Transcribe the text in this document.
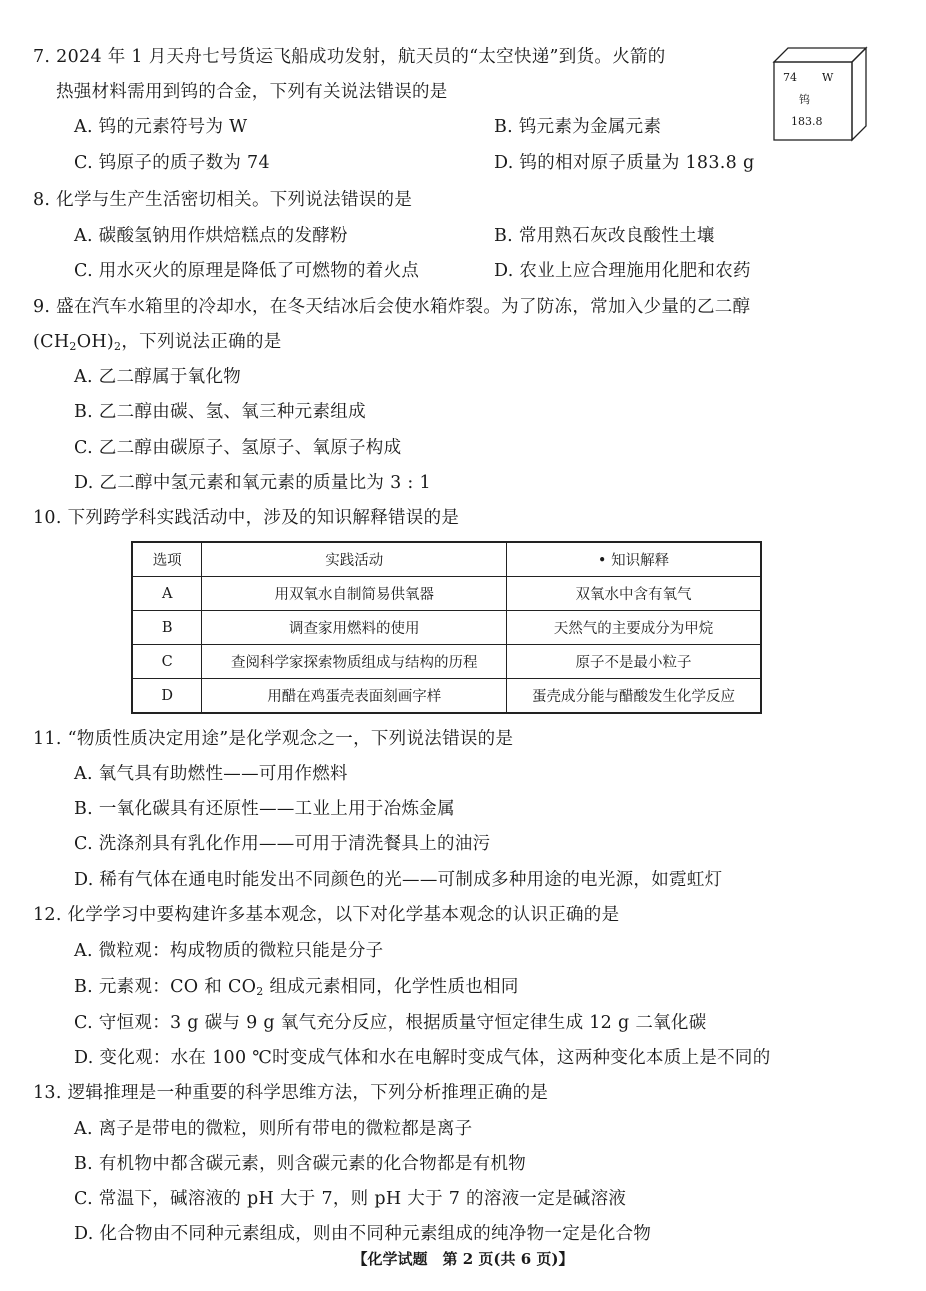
74 W
钨
183.8
7. 2024 年 1 月天舟七号货运飞船成功发射，航天员的“太空快递”到货。火箭的
热强材料需用到钨的合金，下列有关说法错误的是
A. 钨的元素符号为 W	B. 钨元素为金属元素
C. 钨原子的质子数为 74	D. 钨的相对原子质量为 183.8 g
8. 化学与生产生活密切相关。下列说法错误的是
A. 碳酸氢钠用作烘焙糕点的发酵粉	B. 常用熟石灰改良酸性土壤
C. 用水灭火的原理是降低了可燃物的着火点	D. 农业上应合理施用化肥和农药
9. 盛在汽车水箱里的冷却水，在冬天结冰后会使水箱炸裂。为了防冻，常加入少量的乙二醇
$(CH_2OH)_2$，下列说法正确的是
A. 乙二醇属于氧化物
B. 乙二醇由碳、氢、氧三种元素组成
C. 乙二醇由碳原子、氢原子、氧原子构成
D. 乙二醇中氢元素和氧元素的质量比为 3 : 1
10. 下列跨学科实践活动中，涉及的知识解释错误的是
选项	实践活动	• 知识解释
A	用双氧水自制简易供氧器	双氧水中含有氧气
B	调查家用燃料的使用	天然气的主要成分为甲烷
C	查阅科学家探索物质组成与结构的历程	原子不是最小粒子
D	用醋在鸡蛋壳表面刻画字样	蛋壳成分能与醋酸发生化学反应
11. “物质性质决定用途”是化学观念之一，下列说法错误的是
A. 氧气具有助燃性——可用作燃料
B. 一氧化碳具有还原性——工业上用于冶炼金属
C. 洗涤剂具有乳化作用——可用于清洗餐具上的油污
D. 稀有气体在通电时能发出不同颜色的光——可制成多种用途的电光源，如霓虹灯
12. 化学学习中要构建许多基本观念，以下对化学基本观念的认识正确的是
A. 微粒观：构成物质的微粒只能是分子
B. 元素观：CO 和 $CO_2$ 组成元素相同，化学性质也相同
C. 守恒观：3 g 碳与 9 g 氧气充分反应，根据质量守恒定律生成 12 g 二氧化碳
D. 变化观：水在 100 ℃时变成气体和水在电解时变成气体，这两种变化本质上是不同的
13. 逻辑推理是一种重要的科学思维方法，下列分析推理正确的是
A. 离子是带电的微粒，则所有带电的微粒都是离子
B. 有机物中都含碳元素，则含碳元素的化合物都是有机物
C. 常温下，碱溶液的 pH 大于 7，则 pH 大于 7 的溶液一定是碱溶液
D. 化合物由不同种元素组成，则由不同种元素组成的纯净物一定是化合物
【化学试题　第 2 页(共 6 页)】
